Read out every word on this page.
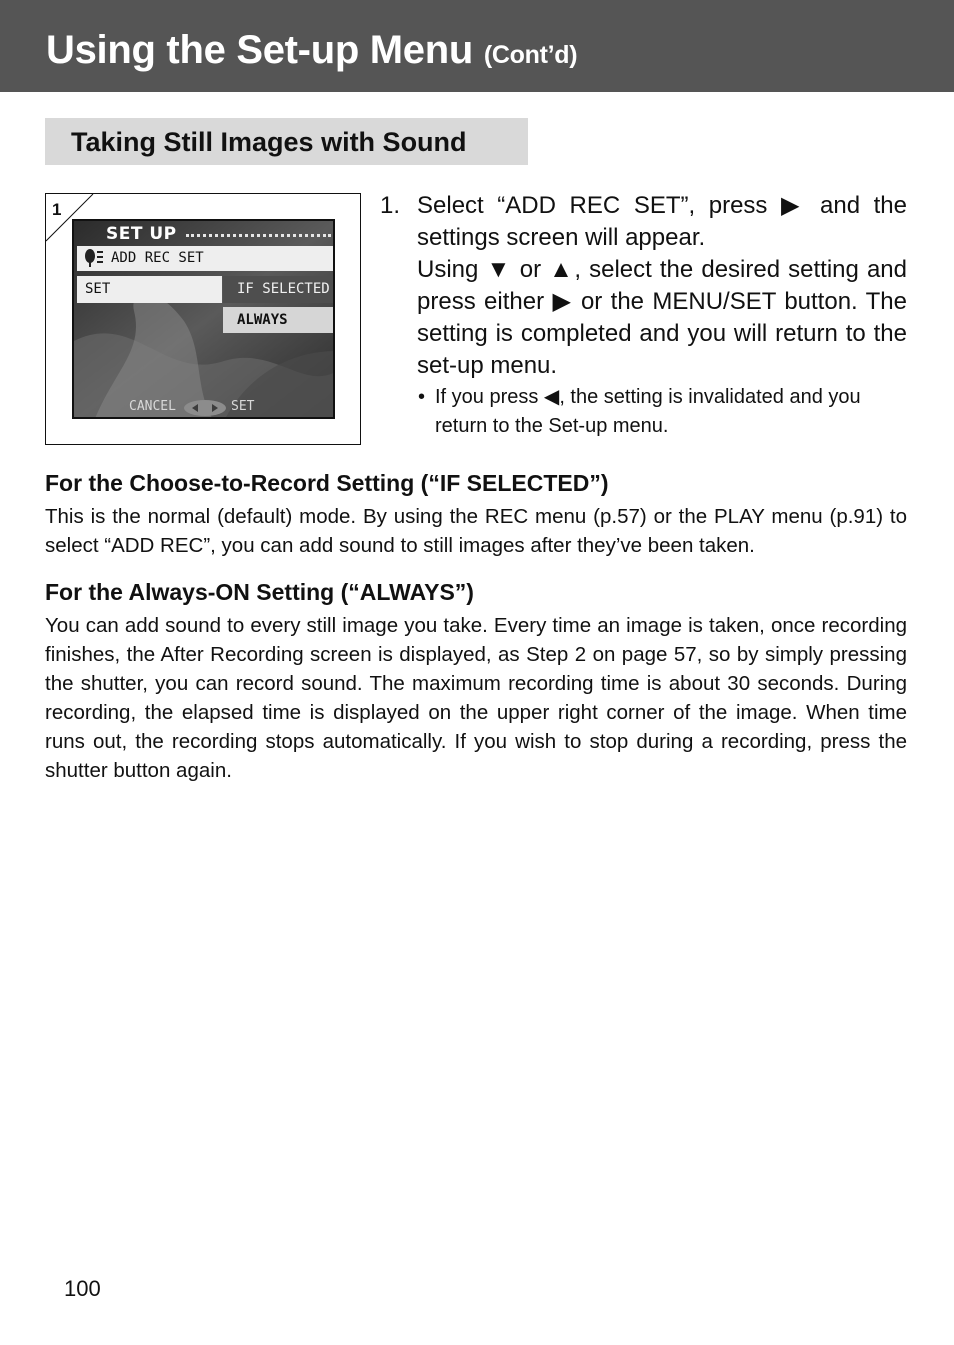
Using the Set-up Menu (Cont’d)
Taking Still Images with Sound
1
SET UP
ADD REC SET
SET	IF SELECTED
ALWAYS
CANCEL	SET
1. Select “ADD REC SET”, press ▶ and the settings screen will appear.

Using ▼ or ▲, select the desired setting and press either ▶ or the MENU/SET button. The setting is completed and you will return to the set-up menu.

• If you press ◀, the setting is invalidated and you return to the Set-up menu.
For the Choose-to-Record Setting (“IF SELECTED”)
This is the normal (default) mode. By using the REC menu (p.57) or the PLAY menu (p.91) to select “ADD REC”, you can add sound to still images after they’ve been taken.
For the Always-ON Setting (“ALWAYS”)
You can add sound to every still image you take. Every time an image is taken, once recording finishes, the After Recording screen is displayed, as Step 2 on page 57, so by simply pressing the shutter, you can record sound. The maximum recording time is about 30 seconds. During recording, the elapsed time is displayed on the upper right corner of the image. When time runs out, the recording stops automatically. If you wish to stop during a recording, press the shutter button again.
100
